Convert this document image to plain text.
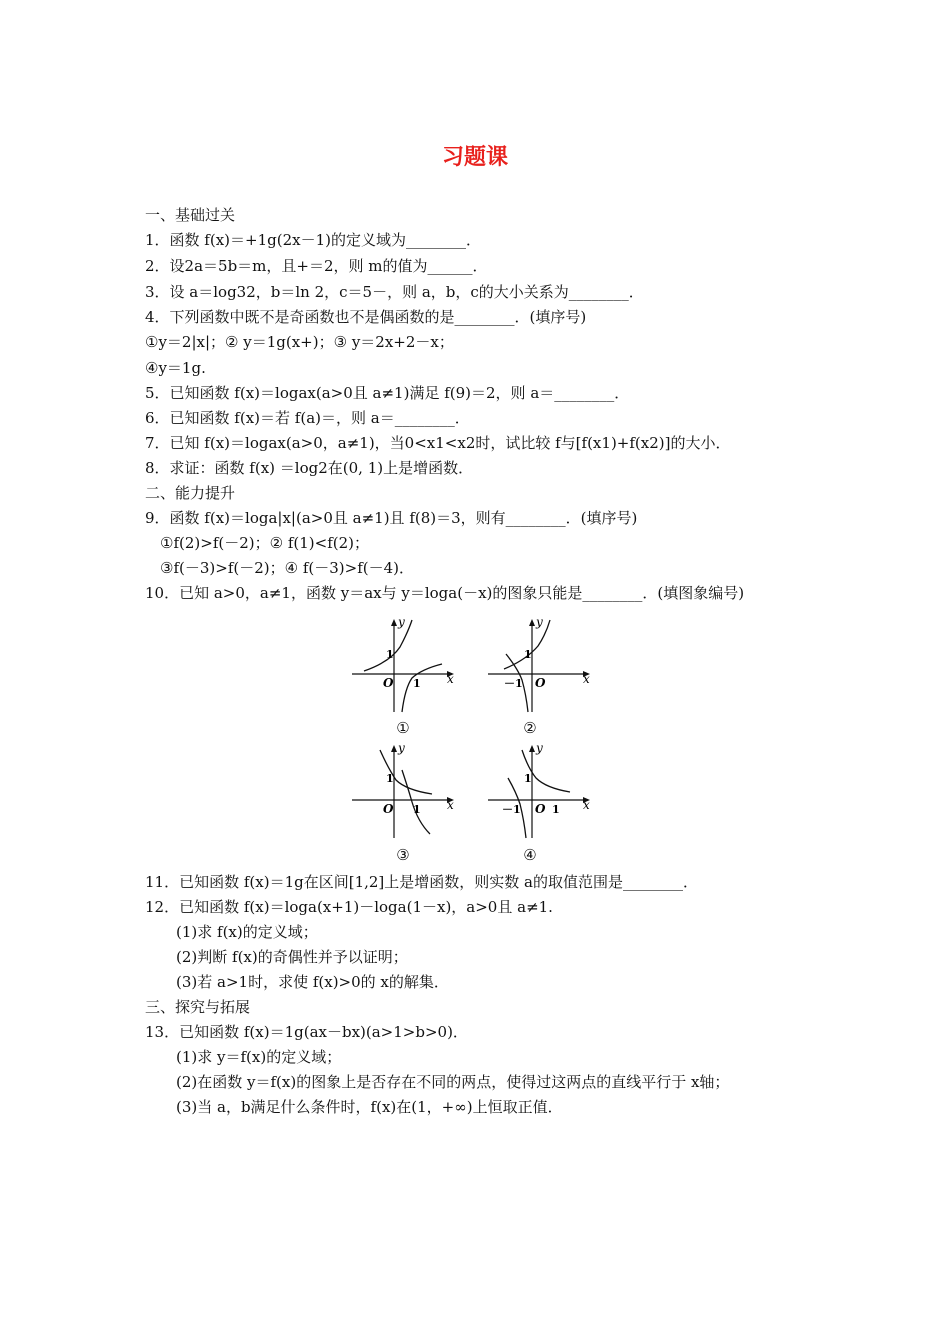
习题课
一、基础过关
1．函数 f(x)＝+1g(2x－1)的定义域为________．
2．设2a＝5b＝m，且+＝2，则 m的值为______．
3．设 a＝log32，b＝ln 2，c＝5－，则 a，b，c的大小关系为________．
4．下列函数中既不是奇函数也不是偶函数的是________．(填序号)
①y＝2|x|；② y＝1g(x+)；③ y＝2x+2－x；
④y＝1g.
5．已知函数 f(x)＝logax(a>0且 a≠1)满足 f(9)＝2，则 a＝________．
6．已知函数 f(x)＝若 f(a)＝，则 a＝________．
7．已知 f(x)＝logax(a>0，a≠1)，当0<x1<x2时，试比较 f与[f(x1)+f(x2)]的大小．
8．求证：函数 f(x) ＝log2在(0, 1)上是增函数．
二、能力提升
9．函数 f(x)＝loga|x|(a>0且 a≠1)且 f(8)＝3，则有________．(填序号)
①f(2)>f(－2)；② f(1)<f(2)；
③f(－3)>f(－2)；④ f(－3)>f(－4)．
10．已知 a>0，a≠1，函数 y＝ax与 y＝loga(－x)的图象只能是________．(填图象编号)
y
x
O
1
1
①
y
x
O
1
－1
②
y
x
O
1
1
③
y
x
O
1
－1	1
④
11．已知函数 f(x)＝1g在区间[1,2]上是增函数，则实数 a的取值范围是________．
12．已知函数 f(x)＝loga(x+1)－loga(1－x)，a>0且 a≠1.
(1)求 f(x)的定义域；
(2)判断 f(x)的奇偶性并予以证明；
(3)若 a>1时，求使 f(x)>0的 x的解集．
三、探究与拓展
13．已知函数 f(x)＝1g(ax－bx)(a>1>b>0)．
(1)求 y＝f(x)的定义域；
(2)在函数 y＝f(x)的图象上是否存在不同的两点，使得过这两点的直线平行于 x轴；
(3)当 a，b满足什么条件时，f(x)在(1，+∞)上恒取正值．
